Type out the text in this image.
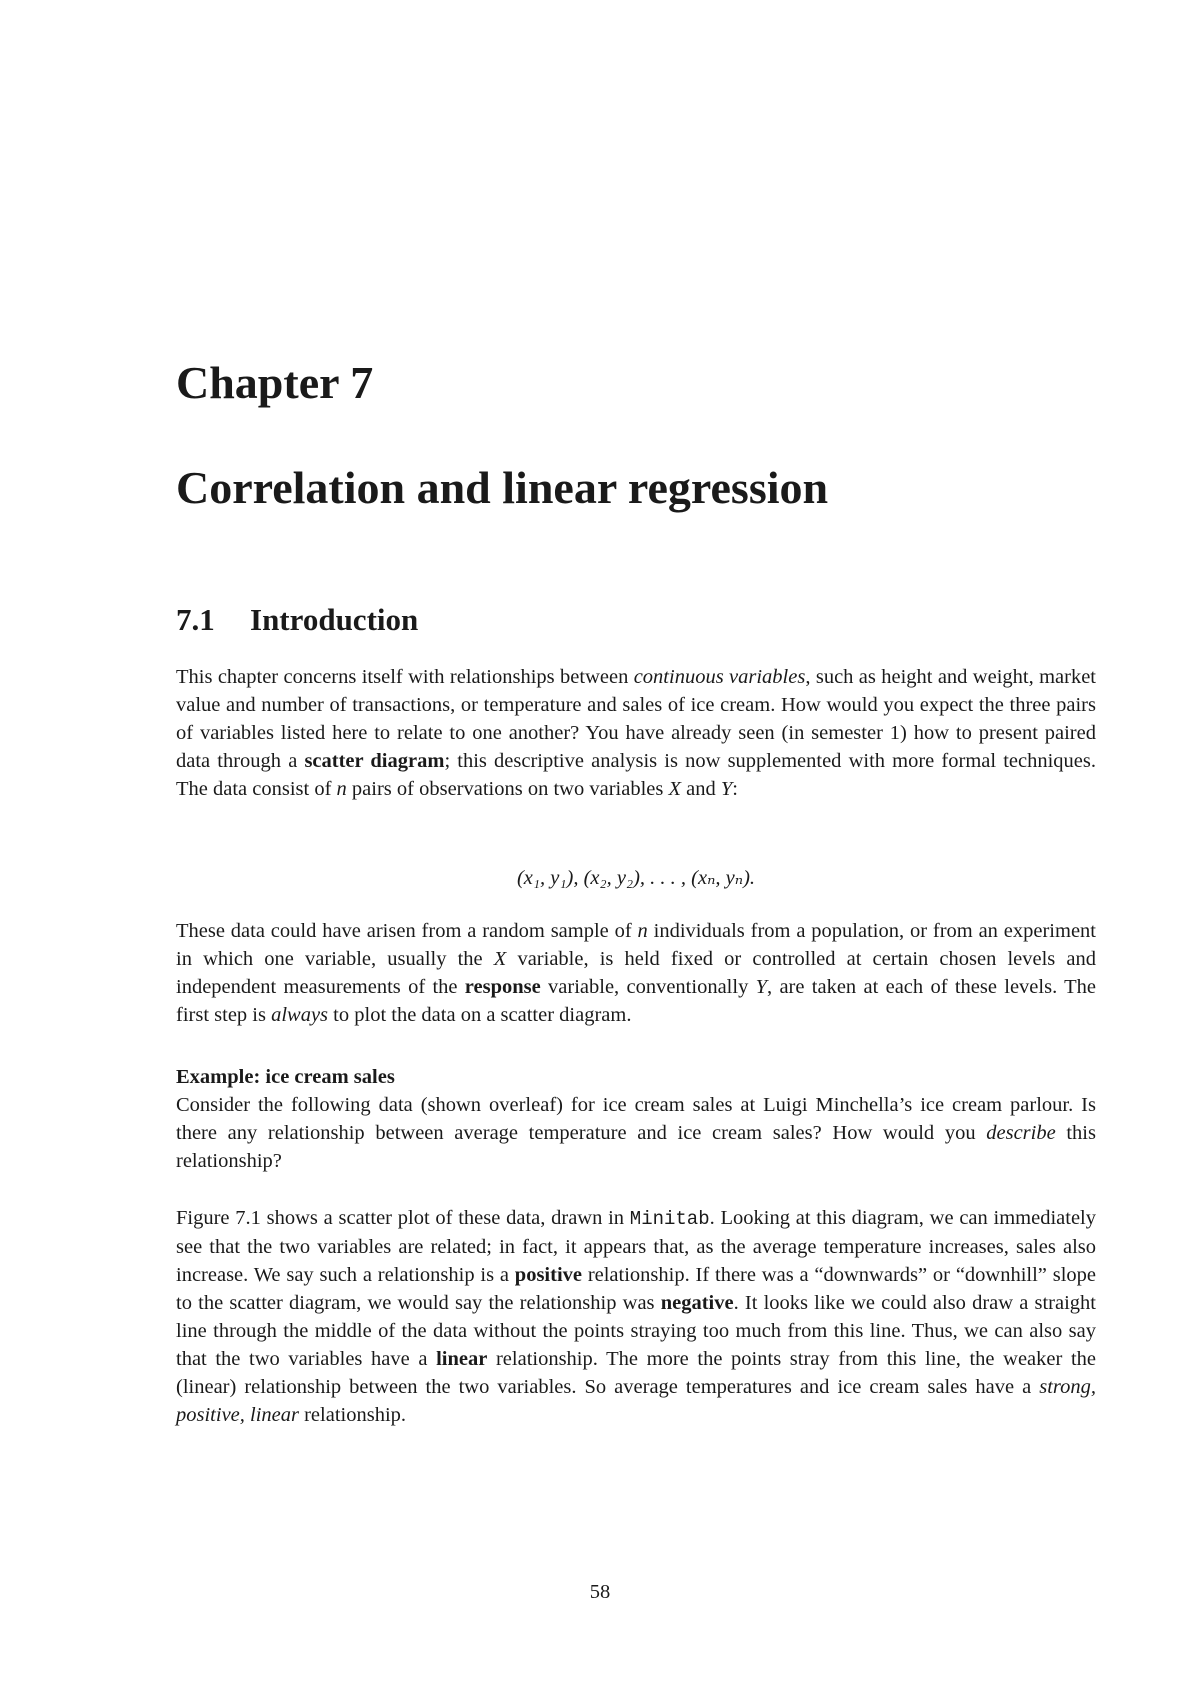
Chapter 7
Correlation and linear regression
7.1 Introduction

This chapter concerns itself with relationships between continuous variables, such as height and weight, market value and number of transactions, or temperature and sales of ice cream. How would you expect the three pairs of variables listed here to relate to one another? You have already seen (in semester 1) how to present paired data through a scatter diagram; this descriptive analysis is now supplemented with more formal techniques. The data consist of n pairs of observations on two variables X and Y:

(x₁, y₁), (x₂, y₂), . . . , (xₙ, yₙ).

These data could have arisen from a random sample of n individuals from a population, or from an experiment in which one variable, usually the X variable, is held fixed or controlled at certain chosen levels and independent measurements of the response variable, conventionally Y, are taken at each of these levels. The first step is always to plot the data on a scatter diagram.

Example: ice cream sales
Consider the following data (shown overleaf) for ice cream sales at Luigi Minchella’s ice cream parlour. Is there any relationship between average temperature and ice cream sales? How would you describe this relationship?

Figure 7.1 shows a scatter plot of these data, drawn in Minitab. Looking at this diagram, we can immediately see that the two variables are related; in fact, it appears that, as the average temperature increases, sales also increase. We say such a relationship is a positive relationship. If there was a “downwards” or “downhill” slope to the scatter diagram, we would say the relationship was negative. It looks like we could also draw a straight line through the middle of the data without the points straying too much from this line. Thus, we can also say that the two variables have a linear relationship. The more the points stray from this line, the weaker the (linear) relationship between the two variables. So average temperatures and ice cream sales have a strong, positive, linear relationship.

58
